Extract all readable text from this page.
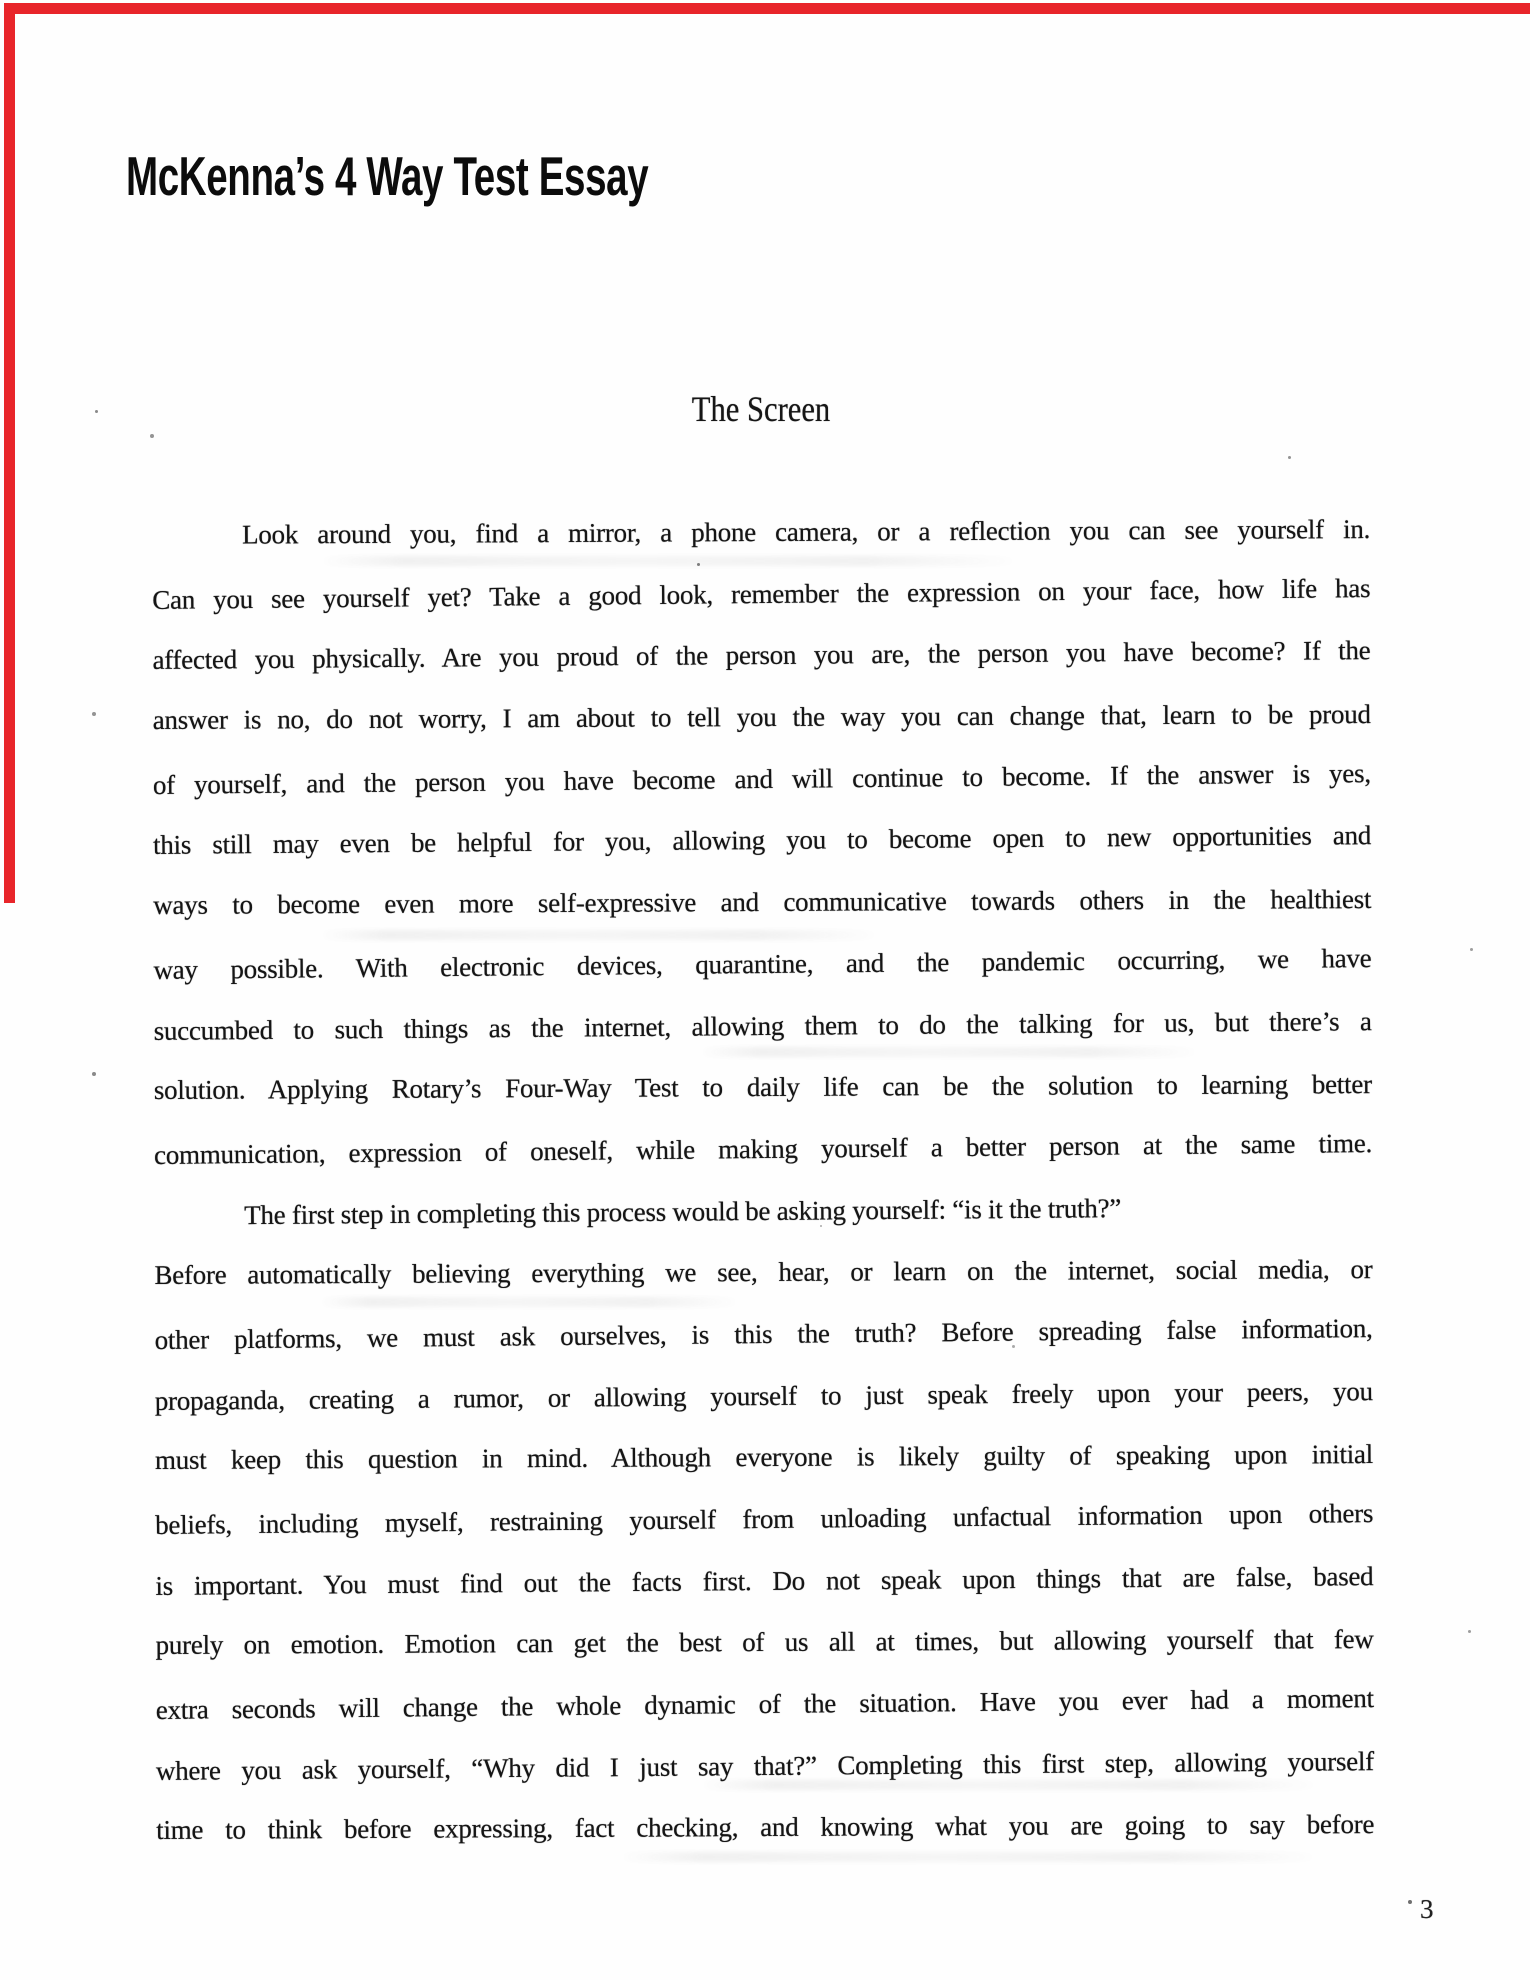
McKenna’s 4 Way Test Essay
The Screen
Look around you, find a mirror, a phone camera, or a reflection you can see yourself in.
Can you see yourself yet? Take a good look, remember the expression on your face, how life has
affected you physically. Are you proud of the person you are, the person you have become? If the
answer is no, do not worry, I am about to tell you the way you can change that, learn to be proud
of yourself, and the person you have become and will continue to become. If the answer is yes,
this still may even be helpful for you, allowing you to become open to new opportunities and
ways to become even more self-expressive and communicative towards others in the healthiest
way possible. With electronic devices, quarantine, and the pandemic occurring, we have
succumbed to such things as the internet, allowing them to do the talking for us, but there’s a
solution. Applying Rotary’s Four-Way Test to daily life can be the solution to learning better
communication, expression of oneself, while making yourself a better person at the same time.
The first step in completing this process would be asking yourself: “is it the truth?”
Before automatically believing everything we see, hear, or learn on the internet, social media, or
other platforms, we must ask ourselves, is this the truth? Before spreading false information,
propaganda, creating a rumor, or allowing yourself to just speak freely upon your peers, you
must keep this question in mind. Although everyone is likely guilty of speaking upon initial
beliefs, including myself, restraining yourself from unloading unfactual information upon others
is important. You must find out the facts first. Do not speak upon things that are false, based
purely on emotion. Emotion can get the best of us all at times, but allowing yourself that few
extra seconds will change the whole dynamic of the situation. Have you ever had a moment
where you ask yourself, “Why did I just say that?” Completing this first step, allowing yourself
time to think before expressing, fact checking, and knowing what you are going to say before
3
